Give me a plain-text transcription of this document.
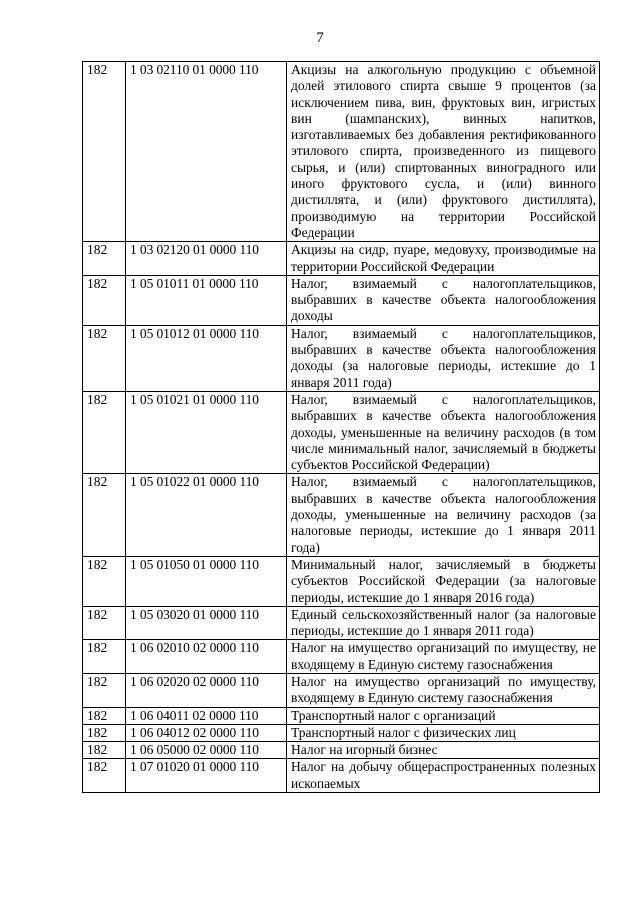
7
182	1 03 02110 01 0000 110	Акцизы на алкогольную продукцию с объемной долей этилового спирта свыше 9 процентов (за исключением пива, вин, фруктовых вин, игристых вин (шампанских), винных напитков, изготавливаемых без добавления ректификованного этилового спирта, произведенного из пищевого сырья, и (или) спиртованных виноградного или иного фруктового сусла, и (или) винного дистиллята, и (или) фруктового дистиллята), производимую на территории Российской Федерации
182	1 03 02120 01 0000 110	Акцизы на сидр, пуаре, медовуху, производимые на территории Российской Федерации
182	1 05 01011 01 0000 110	Налог, взимаемый с налогоплательщиков, выбравших в качестве объекта налогообложения доходы
182	1 05 01012 01 0000 110	Налог, взимаемый с налогоплательщиков, выбравших в качестве объекта налогообложения доходы (за налоговые периоды, истекшие до 1 января 2011 года)
182	1 05 01021 01 0000 110	Налог, взимаемый с налогоплательщиков, выбравших в качестве объекта налогообложения доходы, уменьшенные на величину расходов (в том числе минимальный налог, зачисляемый в бюджеты субъектов Российской Федерации)
182	1 05 01022 01 0000 110	Налог, взимаемый с налогоплательщиков, выбравших в качестве объекта налогообложения доходы, уменьшенные на величину расходов (за налоговые периоды, истекшие до 1 января 2011 года)
182	1 05 01050 01 0000 110	Минимальный налог, зачисляемый в бюджеты субъектов Российской Федерации (за налоговые периоды, истекшие до 1 января 2016 года)
182	1 05 03020 01 0000 110	Единый сельскохозяйственный налог (за налоговые периоды, истекшие до 1 января 2011 года)
182	1 06 02010 02 0000 110	Налог на имущество организаций по имуществу, не входящему в Единую систему газоснабжения
182	1 06 02020 02 0000 110	Налог на имущество организаций по имуществу, входящему в Единую систему газоснабжения
182	1 06 04011 02 0000 110	Транспортный налог с организаций
182	1 06 04012 02 0000 110	Транспортный налог с физических лиц
182	1 06 05000 02 0000 110	Налог на игорный бизнес
182	1 07 01020 01 0000 110	Налог на добычу общераспространенных полезных ископаемых
